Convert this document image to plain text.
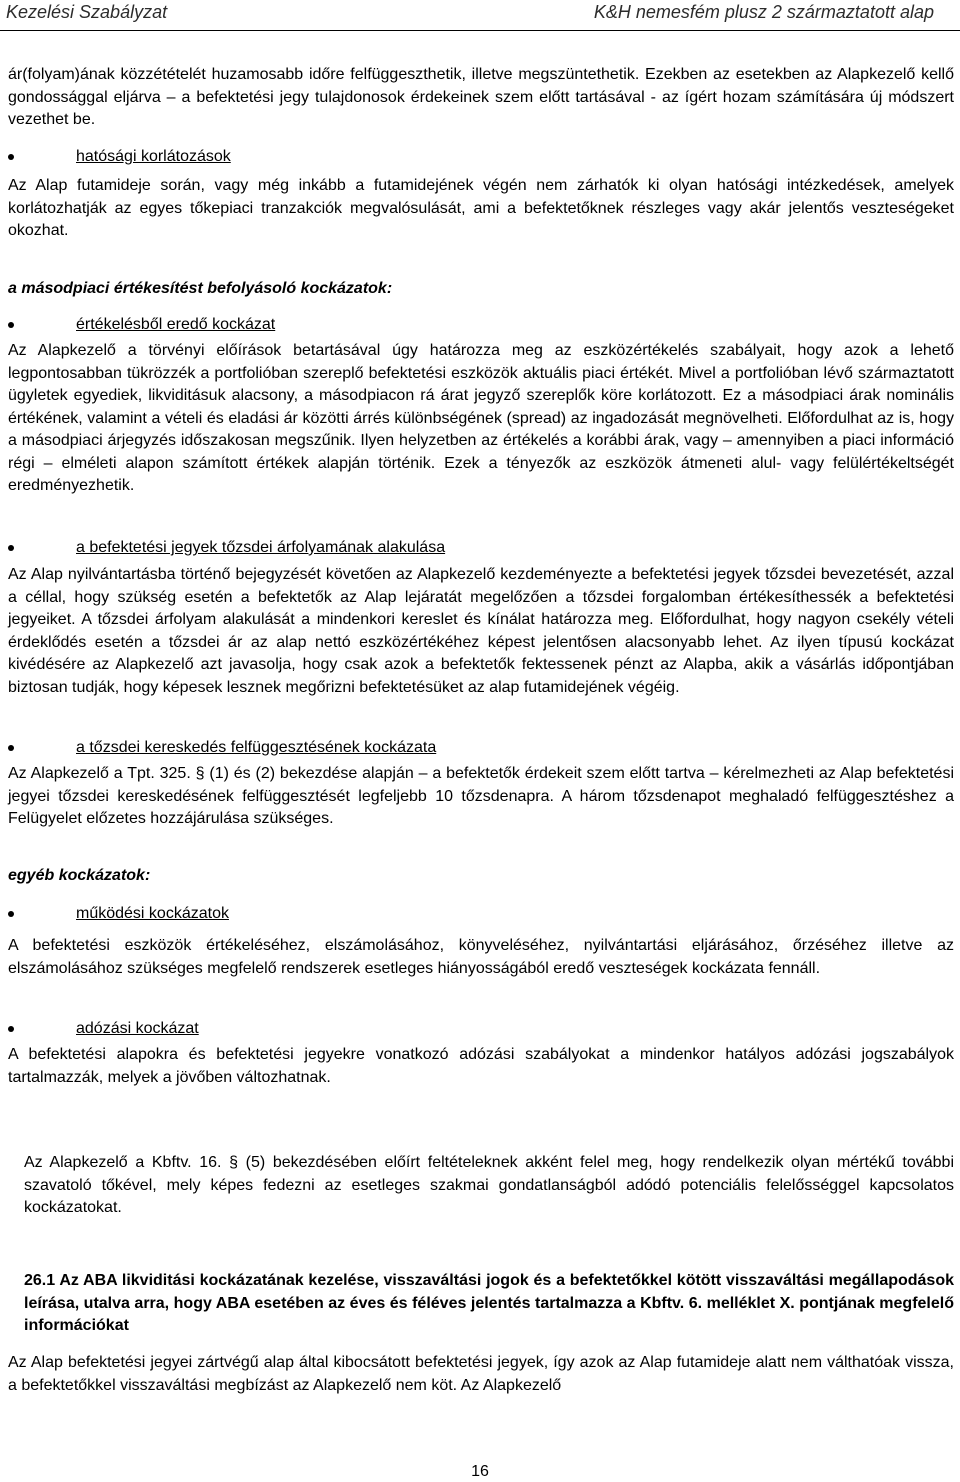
Kezelési Szabályzat	K&H nemesfém plusz 2 származtatott alap

ár(folyam)ának közzétételét huzamosabb időre felfüggeszthetik, illetve megszüntethetik. Ezekben az esetekben az Alapkezelő kellő gondossággal eljárva – a befektetési jegy tulajdonosok érdekeinek szem előtt tartásával - az ígért hozam számítására új módszert vezethet be.

hatósági korlátozások

Az Alap futamideje során, vagy még inkább a futamidejének végén nem zárhatók ki olyan hatósági intézkedések, amelyek korlátozhatják az egyes tőkepiaci tranzakciók megvalósulását, ami a befektetőknek részleges vagy akár jelentős veszteségeket okozhat.

a másodpiaci értékesítést befolyásoló kockázatok:
értékelésből eredő kockázat

Az Alapkezelő a törvényi előírások betartásával úgy határozza meg az eszközértékelés szabályait, hogy azok a lehető legpontosabban tükrözzék a portfolióban szereplő befektetési eszközök aktuális piaci értékét. Mivel a portfolióban lévő származtatott ügyletek egyediek, likviditásuk alacsony, a másodpiacon rá árat jegyző szereplők köre korlátozott. Ez a másodpiaci árak nominális értékének, valamint a vételi és eladási ár közötti árrés különbségének (spread) az ingadozását megnövelheti. Előfordulhat az is, hogy a másodpiaci árjegyzés időszakosan megszűnik. Ilyen helyzetben az értékelés a korábbi árak, vagy – amennyiben a piaci információ régi – elméleti alapon számított értékek alapján történik. Ezek a tényezők az eszközök átmeneti alul- vagy felülértékeltségét eredményezhetik.

a befektetési jegyek tőzsdei árfolyamának alakulása

Az Alap nyilvántartásba történő bejegyzését követően az Alapkezelő kezdeményezte a befektetési jegyek tőzsdei bevezetését, azzal a céllal, hogy szükség esetén a befektetők az Alap lejáratát megelőzően a tőzsdei forgalomban értékesíthessék a befektetési jegyeiket. A tőzsdei árfolyam alakulását a mindenkori kereslet és kínálat határozza meg. Előfordulhat, hogy nagyon csekély vételi érdeklődés esetén a tőzsdei ár az alap nettó eszközértékéhez képest jelentősen alacsonyabb lehet. Az ilyen típusú kockázat kivédésére az Alapkezelő azt javasolja, hogy csak azok a befektetők fektessenek pénzt az Alapba, akik a vásárlás időpontjában biztosan tudják, hogy képesek lesznek megőrizni befektetésüket az alap futamidejének végéig.

a tőzsdei kereskedés felfüggesztésének kockázata

Az Alapkezelő a Tpt. 325. § (1) és (2) bekezdése alapján – a befektetők érdekeit szem előtt tartva – kérelmezheti az Alap befektetési jegyei tőzsdei kereskedésének felfüggesztését legfeljebb 10 tőzsdenapra. A három tőzsdenapot meghaladó felfüggesztéshez a Felügyelet előzetes hozzájárulása szükséges.

egyéb kockázatok:
működési kockázatok

A befektetési eszközök értékeléséhez, elszámolásához, könyveléséhez, nyilvántartási eljárásához, őrzéséhez illetve az elszámolásához szükséges megfelelő rendszerek esetleges hiányosságából eredő veszteségek kockázata fennáll.

adózási kockázat

A befektetési alapokra és befektetési jegyekre vonatkozó adózási szabályokat a mindenkor hatályos adózási jogszabályok tartalmazzák, melyek a jövőben változhatnak.

Az Alapkezelő a Kbftv. 16. § (5) bekezdésében előírt feltételeknek akként felel meg, hogy rendelkezik olyan mértékű további szavatoló tőkével, mely képes fedezni az esetleges szakmai gondatlanságból adódó potenciális felelősséggel kapcsolatos kockázatokat.

26.1 Az ABA likviditási kockázatának kezelése, visszaváltási jogok és a befektetőkkel kötött visszaváltási megállapodások leírása, utalva arra, hogy ABA esetében az éves és féléves jelentés tartalmazza a Kbftv. 6. melléklet X. pontjának megfelelő információkat

Az Alap befektetési jegyei zártvégű alap által kibocsátott befektetési jegyek, így azok az Alap futamideje alatt nem válthatóak vissza, a befektetőkkel visszaváltási megbízást az Alapkezelő nem köt. Az Alapkezelő

16
